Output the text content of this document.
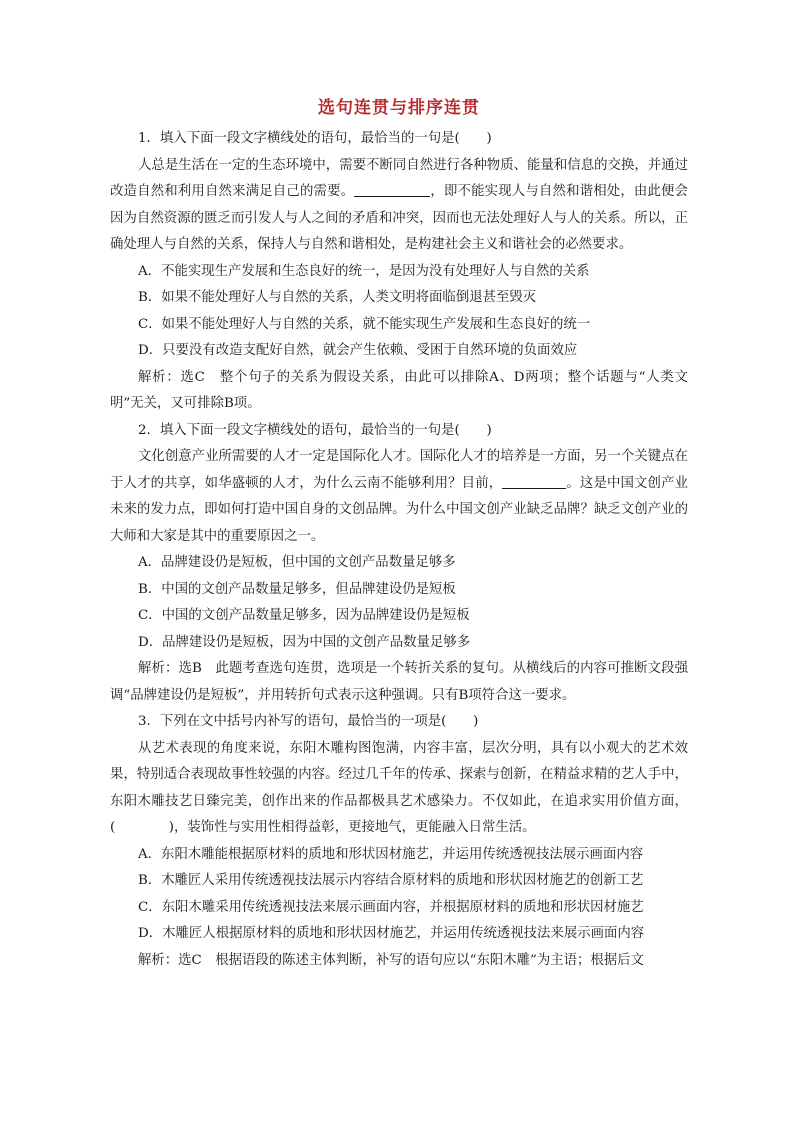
选句连贯与排序连贯

1．填入下面一段文字横线处的语句，最恰当的一句是(　　)

人总是生活在一定的生态环境中，需要不断同自然进行各种物质、能量和信息的交换，并通过改造自然和利用自然来满足自己的需要。	，即不能实现人与自然和谐相处，由此便会因为自然资源的匮乏而引发人与人之间的矛盾和冲突，因而也无法处理好人与人的关系。所以，正确处理人与自然的关系，保持人与自然和谐相处，是构建社会主义和谐社会的必然要求。

A．不能实现生产发展和生态良好的统一，是因为没有处理好人与自然的关系

B．如果不能处理好人与自然的关系，人类文明将面临倒退甚至毁灭

C．如果不能处理好人与自然的关系，就不能实现生产发展和生态良好的统一

D．只要没有改造支配好自然，就会产生依赖、受困于自然环境的负面效应

解析：选C　整个句子的关系为假设关系，由此可以排除A、D两项；整个话题与“人类文明”无关，又可排除B项。

2．填入下面一段文字横线处的语句，最恰当的一句是(　　)

文化创意产业所需要的人才一定是国际化人才。国际化人才的培养是一方面，另一个关键点在于人才的共享，如华盛顿的人才，为什么云南不能够利用？目前，	。这是中国文创产业未来的发力点，即如何打造中国自身的文创品牌。为什么中国文创产业缺乏品牌？缺乏文创产业的大师和大家是其中的重要原因之一。

A．品牌建设仍是短板，但中国的文创产品数量足够多

B．中国的文创产品数量足够多，但品牌建设仍是短板

C．中国的文创产品数量足够多，因为品牌建设仍是短板

D．品牌建设仍是短板，因为中国的文创产品数量足够多

解析：选B　此题考查选句连贯，选项是一个转折关系的复句。从横线后的内容可推断文段强调“品牌建设仍是短板”，并用转折句式表示这种强调。只有B项符合这一要求。

3．下列在文中括号内补写的语句，最恰当的一项是(　　)

从艺术表现的角度来说，东阳木雕构图饱满，内容丰富，层次分明，具有以小观大的艺术效果，特别适合表现故事性较强的内容。经过几千年的传承、探索与创新，在精益求精的艺人手中，东阳木雕技艺日臻完美，创作出来的作品都极具艺术感染力。不仅如此，在追求实用价值方面，(　　　　)，装饰性与实用性相得益彰，更接地气，更能融入日常生活。

A．东阳木雕能根据原材料的质地和形状因材施艺，并运用传统透视技法展示画面内容

B．木雕匠人采用传统透视技法展示内容结合原材料的质地和形状因材施艺的创新工艺

C．东阳木雕采用传统透视技法来展示画面内容，并根据原材料的质地和形状因材施艺

D．木雕匠人根据原材料的质地和形状因材施艺，并运用传统透视技法来展示画面内容

解析：选C　根据语段的陈述主体判断，补写的语句应以“东阳木雕”为主语；根据后文
